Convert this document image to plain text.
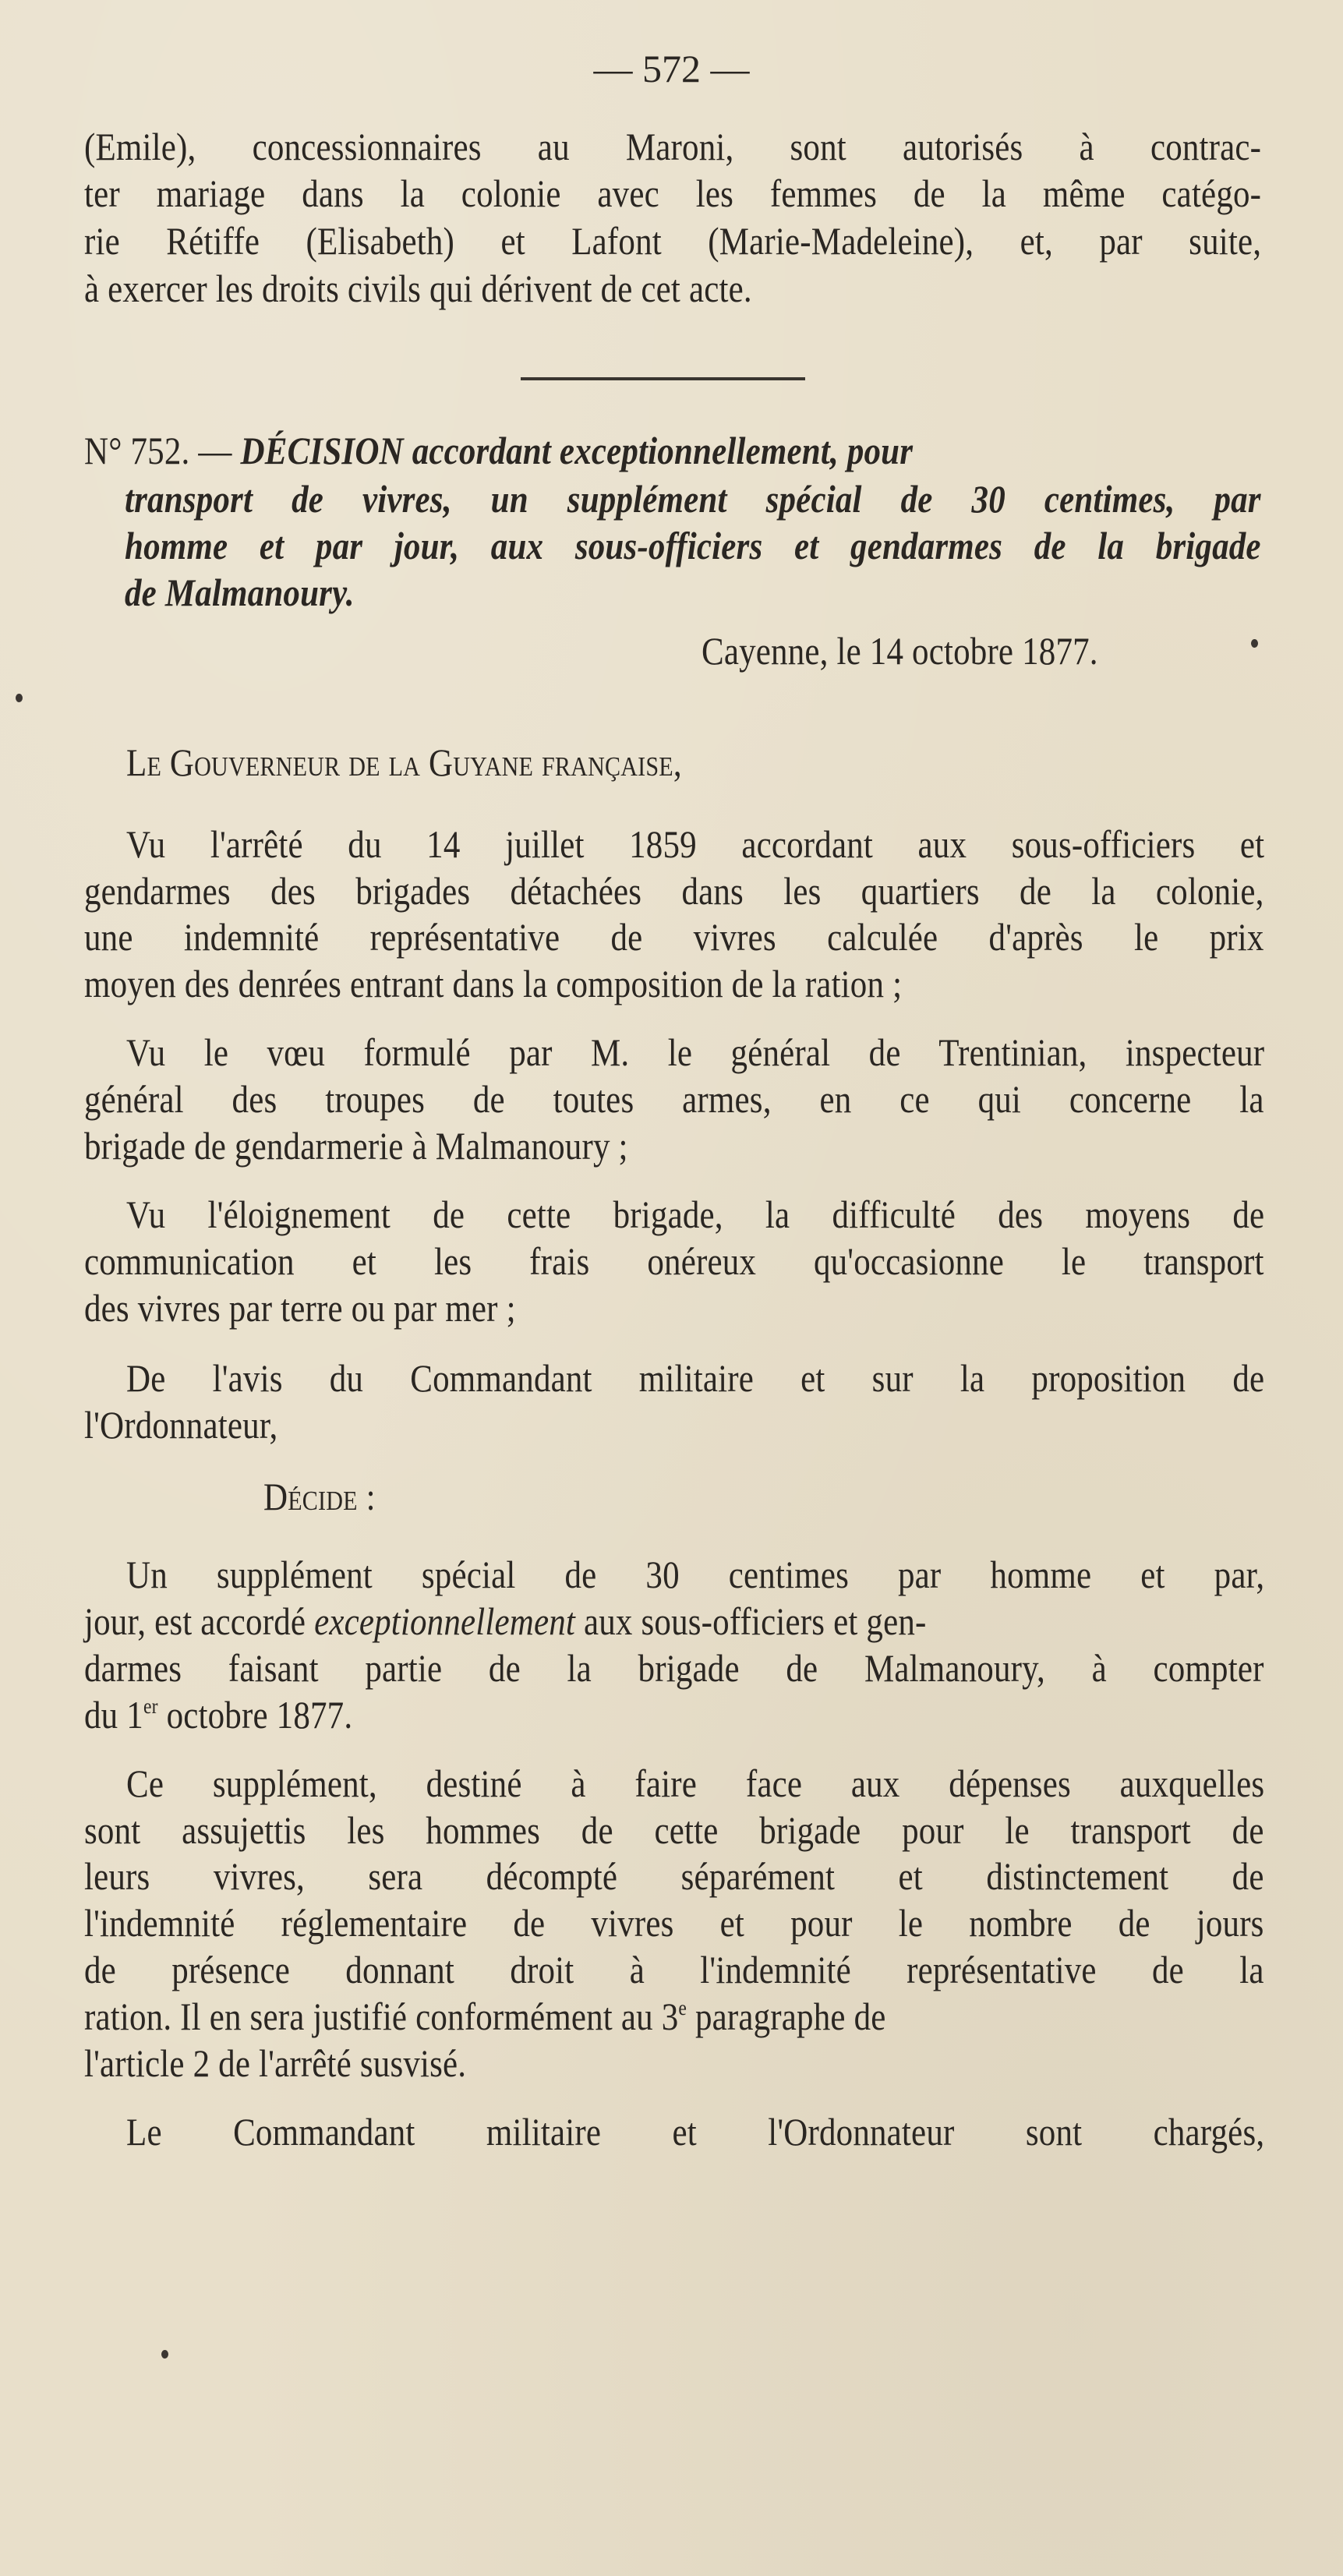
— 572 —
(Emile), concessionnaires au Maroni, sont autorisés à contrac-
ter mariage dans la colonie avec les femmes de la même catégo-
rie Rétiffe (Elisabeth) et Lafont (Marie-Madeleine), et, par suite,
à exercer les droits civils qui dérivent de cet acte.
N° 752. — DÉCISION accordant exceptionnellement, pour
transport de vivres, un supplément spécial de 30 centimes, par
homme et par jour, aux sous-officiers et gendarmes de la brigade
de Malmanoury.
Cayenne, le 14 octobre 1877.
Le Gouverneur de la Guyane française,
Vu l'arrêté du 14 juillet 1859 accordant aux sous-officiers et
gendarmes des brigades détachées dans les quartiers de la colonie,
une indemnité représentative de vivres calculée d'après le prix
moyen des denrées entrant dans la composition de la ration ;
Vu le vœu formulé par M. le général de Trentinian, inspecteur
général des troupes de toutes armes, en ce qui concerne la
brigade de gendarmerie à Malmanoury ;
Vu l'éloignement de cette brigade, la difficulté des moyens de
communication et les frais onéreux qu'occasionne le transport
des vivres par terre ou par mer ;
De l'avis du Commandant militaire et sur la proposition de
l'Ordonnateur,
Décide :
Un supplément spécial de 30 centimes par homme et par,
jour, est accordé exceptionnellement aux sous-officiers et gen-
darmes faisant partie de la brigade de Malmanoury, à compter
du 1er octobre 1877.
Ce supplément, destiné à faire face aux dépenses auxquelles
sont assujettis les hommes de cette brigade pour le transport de
leurs vivres, sera décompté séparément et distinctement de
l'indemnité réglementaire de vivres et pour le nombre de jours
de présence donnant droit à l'indemnité représentative de la
ration. Il en sera justifié conformément au 3e paragraphe de
l'article 2 de l'arrêté susvisé.
Le Commandant militaire et l'Ordonnateur sont chargés,
